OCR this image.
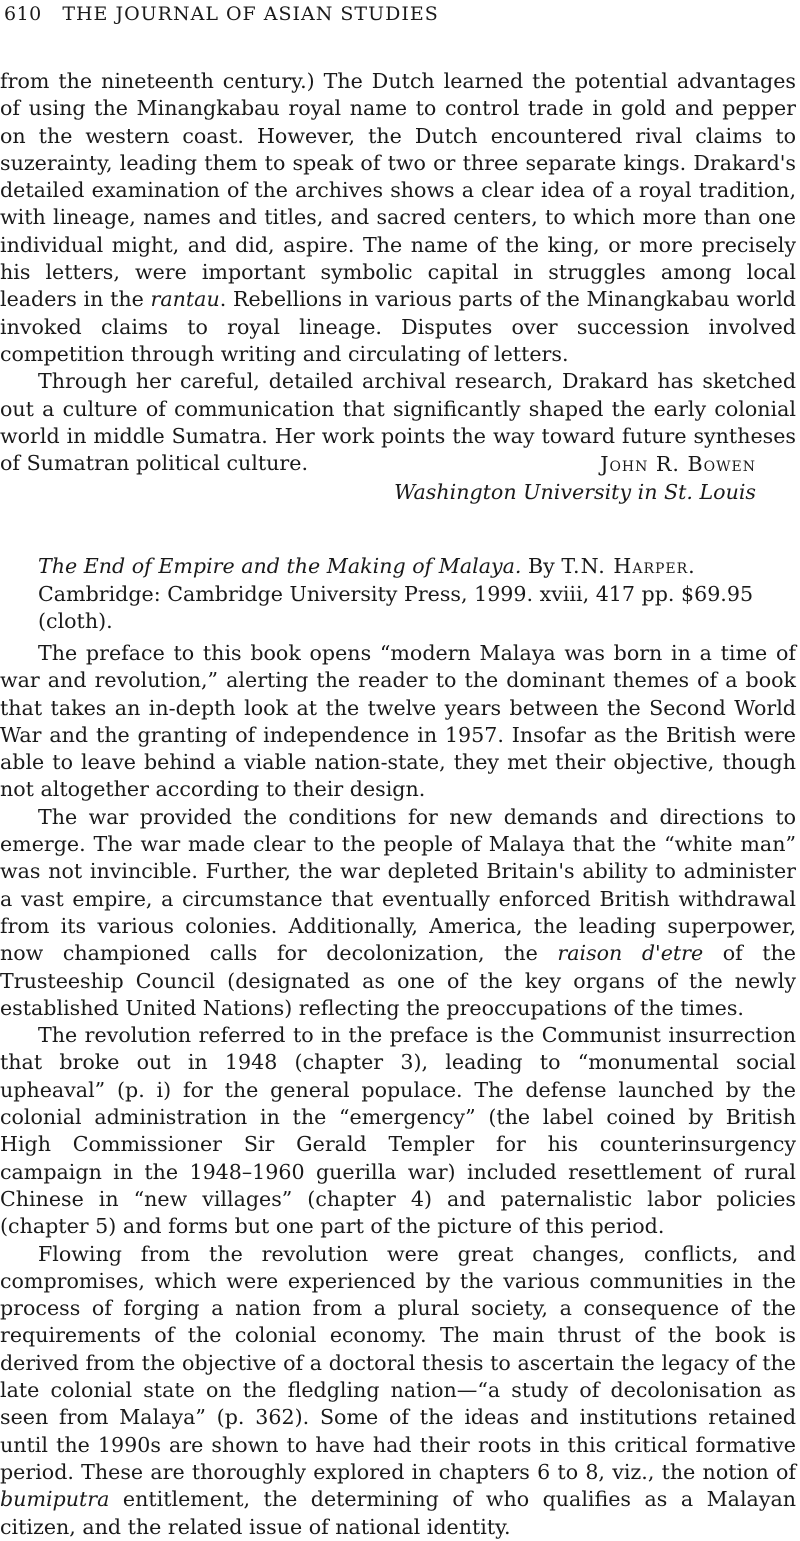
610 THE JOURNAL OF ASIAN STUDIES

from the nineteenth century.) The Dutch learned the potential advantages of using the Minangkabau royal name to control trade in gold and pepper on the western coast. However, the Dutch encountered rival claims to suzerainty, leading them to speak of two or three separate kings. Drakard's detailed examination of the archives shows a clear idea of a royal tradition, with lineage, names and titles, and sacred centers, to which more than one individual might, and did, aspire. The name of the king, or more precisely his letters, were important symbolic capital in struggles among local leaders in the rantau. Rebellions in various parts of the Minangkabau world invoked claims to royal lineage. Disputes over succession involved competition through writing and circulating of letters.

Through her careful, detailed archival research, Drakard has sketched out a culture of communication that significantly shaped the early colonial world in middle Sumatra. Her work points the way toward future syntheses of Sumatran political culture.	John R. Bowen
Washington University in St. Louis
The End of Empire and the Making of Malaya. By T.N. Harper. Cambridge: Cambridge University Press, 1999. xviii, 417 pp. $69.95 (cloth).

The preface to this book opens “modern Malaya was born in a time of war and revolution,” alerting the reader to the dominant themes of a book that takes an in-depth look at the twelve years between the Second World War and the granting of independence in 1957. Insofar as the British were able to leave behind a viable nation-state, they met their objective, though not altogether according to their design.

The war provided the conditions for new demands and directions to emerge. The war made clear to the people of Malaya that the “white man” was not invincible. Further, the war depleted Britain's ability to administer a vast empire, a circumstance that eventually enforced British withdrawal from its various colonies. Additionally, America, the leading superpower, now championed calls for decolonization, the raison d'etre of the Trusteeship Council (designated as one of the key organs of the newly established United Nations) reflecting the preoccupations of the times.

The revolution referred to in the preface is the Communist insurrection that broke out in 1948 (chapter 3), leading to “monumental social upheaval” (p. i) for the general populace. The defense launched by the colonial administration in the “emergency” (the label coined by British High Commissioner Sir Gerald Templer for his counterinsurgency campaign in the 1948–1960 guerilla war) included resettlement of rural Chinese in “new villages” (chapter 4) and paternalistic labor policies (chapter 5) and forms but one part of the picture of this period.

Flowing from the revolution were great changes, conflicts, and compromises, which were experienced by the various communities in the process of forging a nation from a plural society, a consequence of the requirements of the colonial economy. The main thrust of the book is derived from the objective of a doctoral thesis to ascertain the legacy of the late colonial state on the fledgling nation—“a study of decolonisation as seen from Malaya” (p. 362). Some of the ideas and institutions retained until the 1990s are shown to have had their roots in this critical formative period. These are thoroughly explored in chapters 6 to 8, viz., the notion of bumiputra entitlement, the determining of who qualifies as a Malayan citizen, and the related issue of national identity.
